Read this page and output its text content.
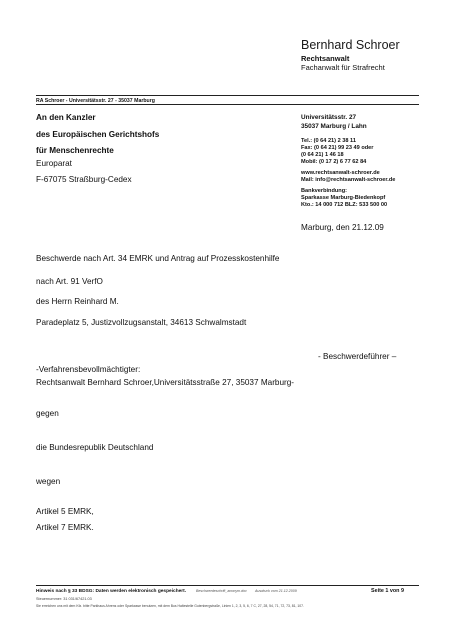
Bernhard Schroer
Rechtsanwalt
Fachanwalt für Strafrecht
RA Schroer - Universitätsstr. 27 - 35037 Marburg
An den Kanzler
des Europäischen Gerichtshofs
für Menschenrechte
Europarat
F-67075 Straßburg-Cedex
Universitätsstr. 27
35037 Marburg / Lahn
Tel.: (0 64 21) 2 38 11
Fax: (0 64 21) 99 23 49 oder
(0 64 21) 1 46 18
Mobil: (0 17 2) 6 77 62 84
www.rechtsanwalt-schroer.de
Mail: info@rechtsanwalt-schroer.de
Bankverbindung:
Sparkasse Marburg-Biedenkopf
Kto.: 14 000 712 BLZ: 533 500 00
Marburg, den 21.12.09
Beschwerde nach Art. 34 EMRK und Antrag auf Prozesskostenhilfe
nach Art. 91 VerfO
des Herrn Reinhard M.
Paradeplatz 5, Justizvollzugsanstalt, 34613 Schwalmstadt
- Beschwerdeführer –
-Verfahrensbevollmächtigter:
Rechtsanwalt Bernhard Schroer,Universitätsstraße 27, 35037 Marburg-
gegen
die Bundesrepublik Deutschland
wegen
Artikel 5 EMRK,
Artikel 7 EMRK.
Hinweis nach § 33 BDSG: Daten werden elektronisch gespeichert.
Steuernummer: 31 031/67421.03
Beschwerdeschrift_anonym.doc Ausdruck vom 21.12.2009	Seite 1 von 9
Sie erreichen uns mit dem Kfz. bitte Parkhaus Ahrens oder Sparkasse benutzen, mit dem Bus Haltestelle Gutenbergstraße, Linien 1, 2, 3, 5, 6, 7 C, 27, 28, 54, 71, 72, 73, 81, 107.
